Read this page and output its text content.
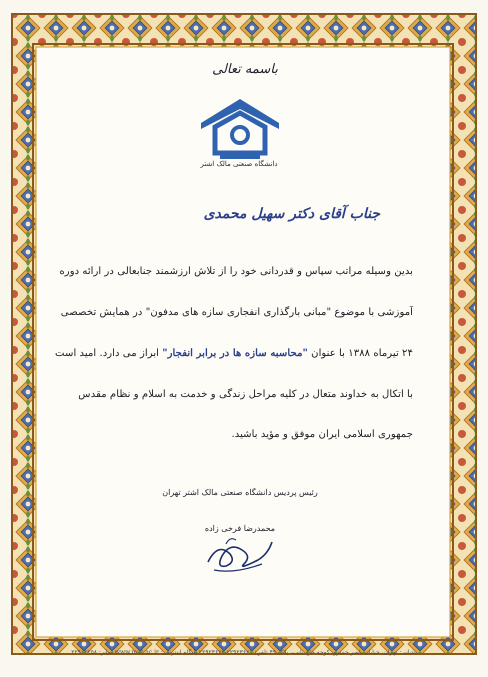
باسمه تعالی
دانشگاه صنعتی مالک اشتر
جناب آقای دکتر سهیل محمدی
بدین وسیله مراتب سپاس و قدردانی خود را از تلاش ارزشمند جنابعالی در ارائه دوره
آموزشی با موضوع "مبانی بارگذاری انفجاری سازه های مدفون" در همایش تخصصی
۲۴ تیرماه ۱۳۸۸ با عنوان "محاسبه سازه ها در برابر انفجار" ابراز می دارد. امید است
با اتکال به خداوند متعال در کلیه مراحل زندگی و خدمت به اسلام و نظام مقدس
جمهوری اسلامی ایران موفق و مؤید باشید.
رئیس پردیس دانشگاه صنعتی مالک اشتر تهران
محمدرضا فرخی زاده
نشانی: تهران، خیابان ناصر خسرو، کوچه حاج نایب، پلاک ۴۹ تلفن: ۲۲۹۲۳۶۲۱-۲۲۹۲۳۶۲۲ پایگاه اینترنتی: www.mut.ac.ir نمابر: ۲۲۹۱۲۲۵۸
